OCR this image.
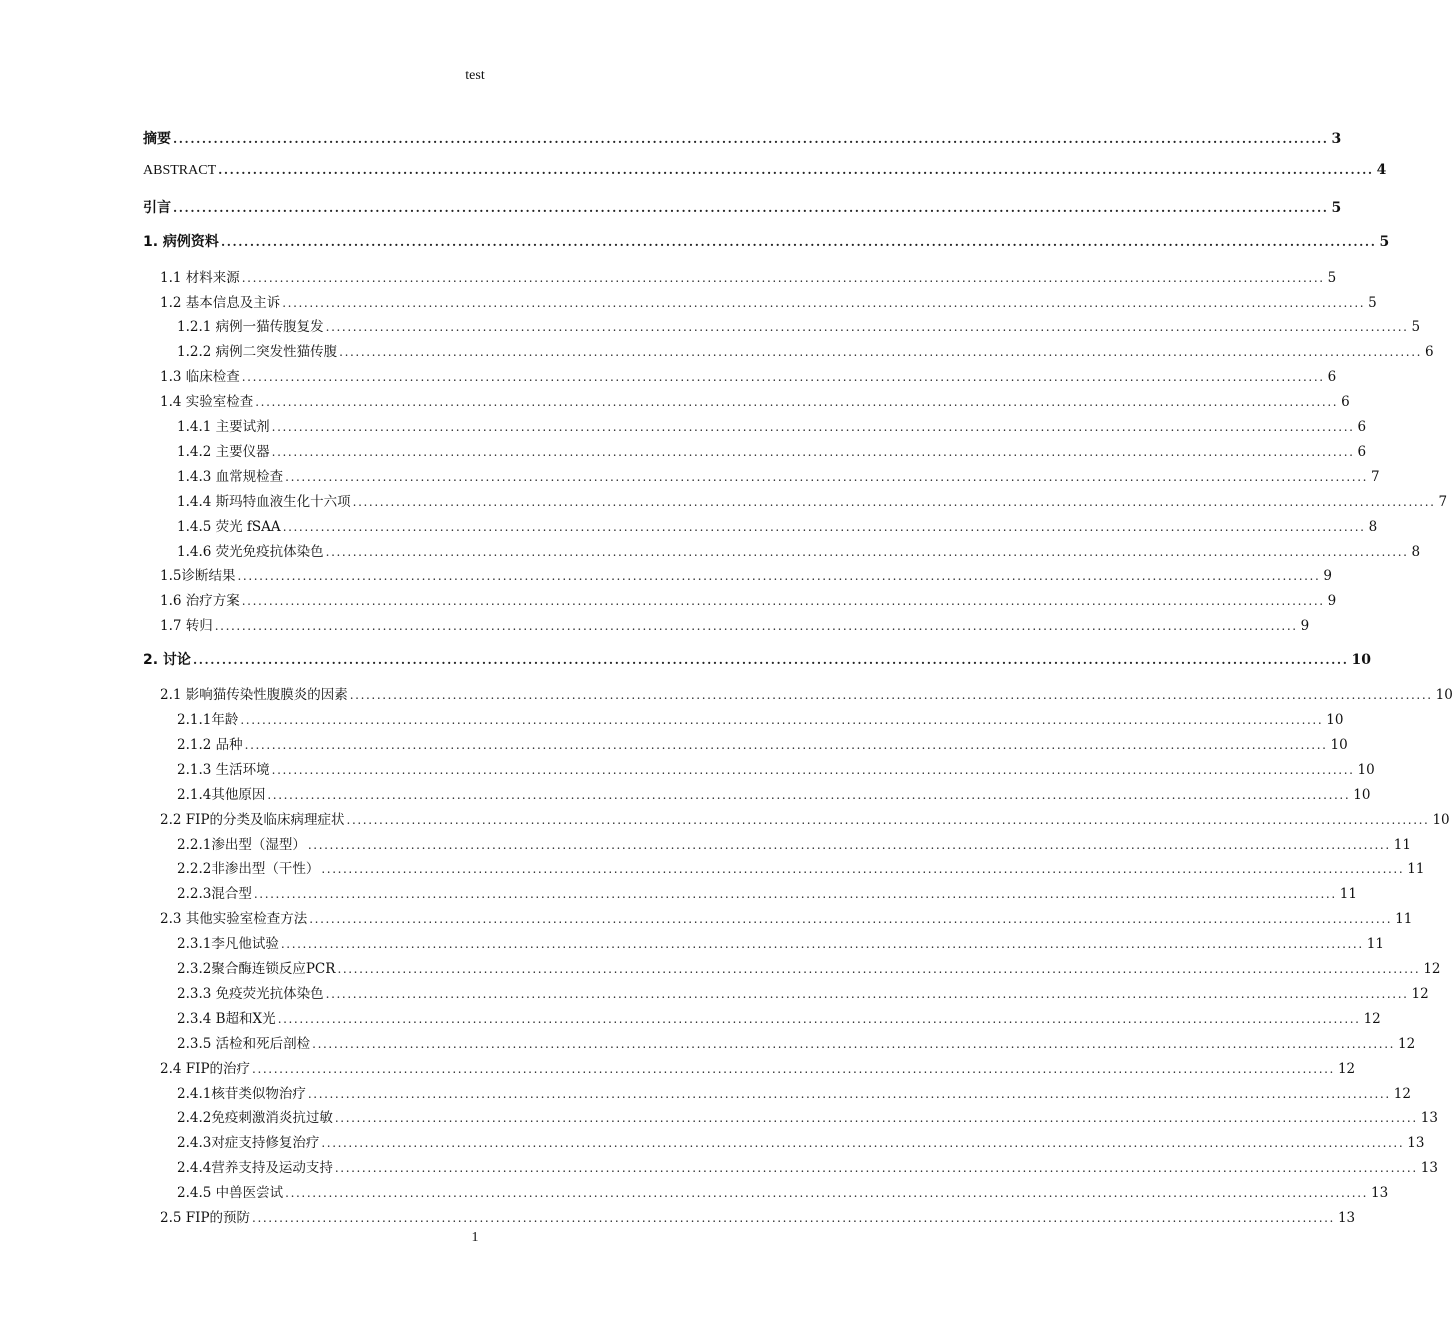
test
摘要 ........................................................................................................................................................................................................ 3
ABSTRACT ........................................................................................................................................................................................................ 4
引言 ........................................................................................................................................................................................................ 5
1. 病例资料 ........................................................................................................................................................................................................ 5
1.1 材料来源 ........................................................................................................................................................................................................ 5
1.2 基本信息及主诉 ........................................................................................................................................................................................................ 5
1.2.1 病例一猫传腹复发 ........................................................................................................................................................................................................ 5
1.2.2 病例二突发性猫传腹 ........................................................................................................................................................................................................ 6
1.3 临床检查 ........................................................................................................................................................................................................ 6
1.4 实验室检查 ........................................................................................................................................................................................................ 6
1.4.1 主要试剂 ........................................................................................................................................................................................................ 6
1.4.2 主要仪器 ........................................................................................................................................................................................................ 6
1.4.3 血常规检查 ........................................................................................................................................................................................................ 7
1.4.4 斯玛特血液生化十六项 ........................................................................................................................................................................................................ 7
1.4.5 荧光 fSAA ........................................................................................................................................................................................................ 8
1.4.6 荧光免疫抗体染色 ........................................................................................................................................................................................................ 8
1.5诊断结果 ........................................................................................................................................................................................................ 9
1.6 治疗方案 ........................................................................................................................................................................................................ 9
1.7 转归 ........................................................................................................................................................................................................ 9
2. 讨论 ........................................................................................................................................................................................................ 10
2.1 影响猫传染性腹膜炎的因素 ........................................................................................................................................................................................................ 10
2.1.1年龄 ........................................................................................................................................................................................................ 10
2.1.2 品种 ........................................................................................................................................................................................................ 10
2.1.3 生活环境 ........................................................................................................................................................................................................ 10
2.1.4其他原因 ........................................................................................................................................................................................................ 10
2.2 FIP的分类及临床病理症状 ........................................................................................................................................................................................................ 10
2.2.1渗出型（湿型） ........................................................................................................................................................................................................ 11
2.2.2非渗出型（干性） ........................................................................................................................................................................................................ 11
2.2.3混合型 ........................................................................................................................................................................................................ 11
2.3 其他实验室检查方法 ........................................................................................................................................................................................................ 11
2.3.1李凡他试验 ........................................................................................................................................................................................................ 11
2.3.2聚合酶连锁反应PCR ........................................................................................................................................................................................................ 12
2.3.3 免疫荧光抗体染色 ........................................................................................................................................................................................................ 12
2.3.4 B超和X光 ........................................................................................................................................................................................................ 12
2.3.5 活检和死后剖检 ........................................................................................................................................................................................................ 12
2.4 FIP的治疗 ........................................................................................................................................................................................................ 12
2.4.1核苷类似物治疗 ........................................................................................................................................................................................................ 12
2.4.2免疫刺激消炎抗过敏 ........................................................................................................................................................................................................ 13
2.4.3对症支持修复治疗 ........................................................................................................................................................................................................ 13
2.4.4营养支持及运动支持 ........................................................................................................................................................................................................ 13
2.4.5 中兽医尝试 ........................................................................................................................................................................................................ 13
2.5 FIP的预防 ........................................................................................................................................................................................................ 13
1
